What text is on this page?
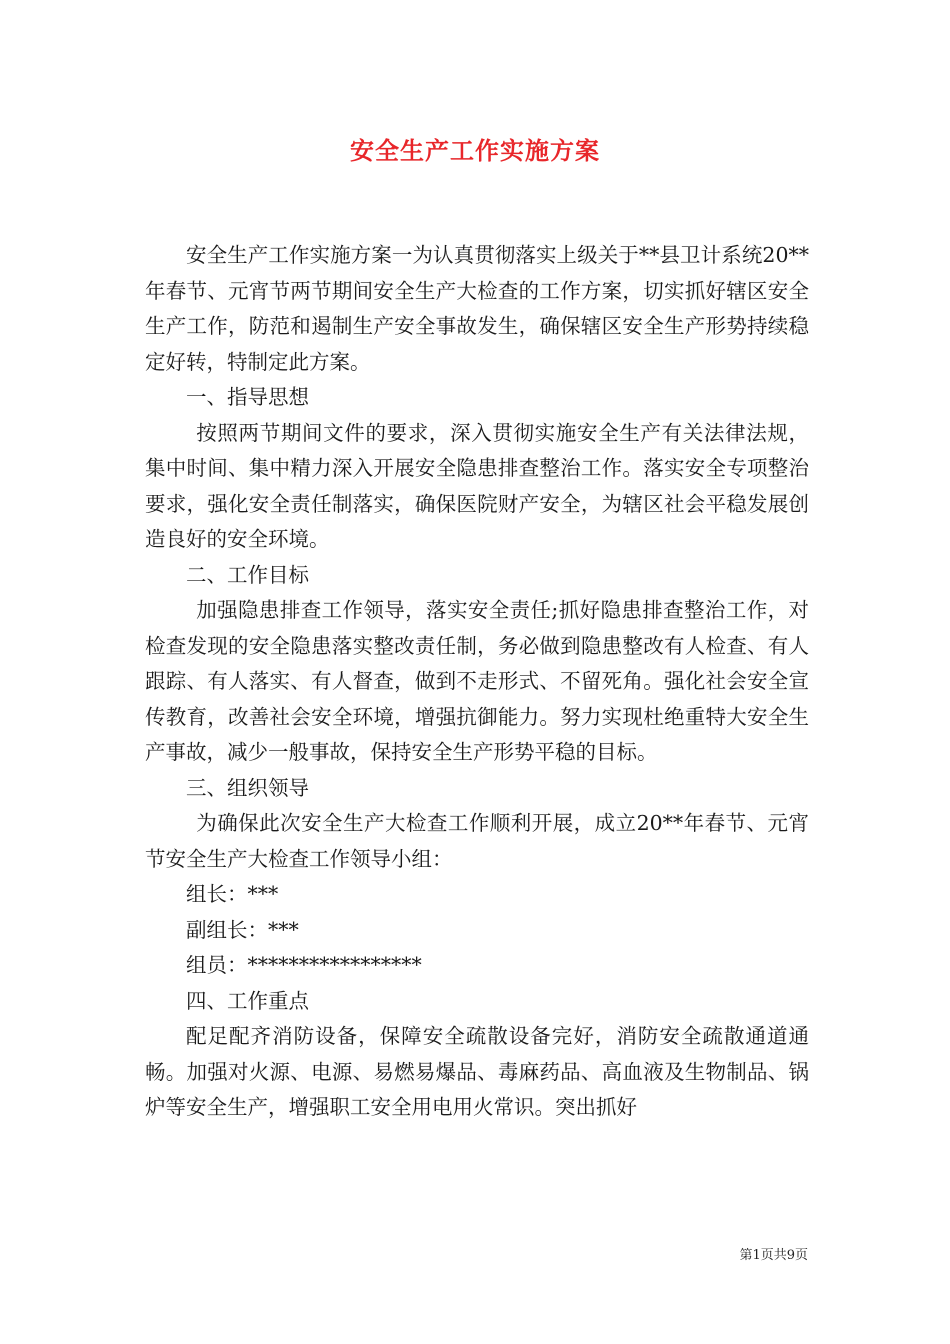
安全生产工作实施方案

安全生产工作实施方案一为认真贯彻落实上级关于**县卫计系统20**年春节、元宵节两节期间安全生产大检查的工作方案，切实抓好辖区安全生产工作，防范和遏制生产安全事故发生，确保辖区安全生产形势持续稳定好转，特制定此方案。

一、指导思想

按照两节期间文件的要求，深入贯彻实施安全生产有关法律法规，集中时间、集中精力深入开展安全隐患排查整治工作。落实安全专项整治要求，强化安全责任制落实，确保医院财产安全，为辖区社会平稳发展创造良好的安全环境。

二、工作目标

加强隐患排查工作领导，落实安全责任;抓好隐患排查整治工作，对检查发现的安全隐患落实整改责任制，务必做到隐患整改有人检查、有人跟踪、有人落实、有人督查，做到不走形式、不留死角。强化社会安全宣传教育，改善社会安全环境，增强抗御能力。努力实现杜绝重特大安全生产事故，减少一般事故，保持安全生产形势平稳的目标。

三、组织领导

为确保此次安全生产大检查工作顺利开展，成立20**年春节、元宵节安全生产大检查工作领导小组：

组长：***

副组长：***

组员：*****************

四、工作重点

配足配齐消防设备，保障安全疏散设备完好，消防安全疏散通道通畅。加强对火源、电源、易燃易爆品、毒麻药品、高血液及生物制品、锅炉等安全生产，增强职工安全用电用火常识。突出抓好

第1页共9页
